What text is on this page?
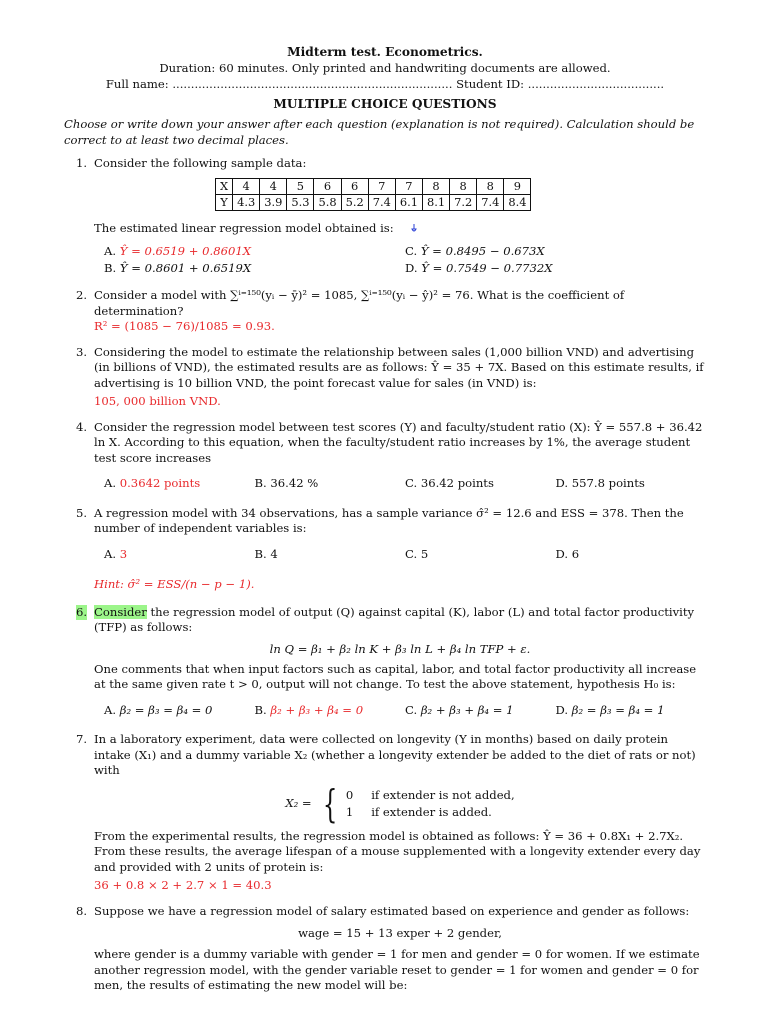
Midterm test. Econometrics.
Duration: 60 minutes. Only printed and handwriting documents are allowed.
Full name: ............................................................................ Student ID: .....................................
MULTIPLE CHOICE QUESTIONS
Choose or write down your answer after each question (explanation is not required). Calculation should be correct to at least two decimal places.
1. Consider the following sample data:
X	4	4	5	6	6	7	7	8	8	8	9
Y	4.3	3.9	5.3	5.8	5.2	7.4	6.1	8.1	7.2	7.4	8.4
The estimated linear regression model obtained is:
A. Ŷ = 0.6519 + 0.8601X	C. Ŷ = 0.8495 − 0.673X
B. Ŷ = 0.8601 + 0.6519X	D. Ŷ = 0.7549 − 0.7732X
2. Consider a model with ∑ⁱ⁼¹⁵⁰(yᵢ − ȳ)² = 1085, ∑ⁱ⁼¹⁵⁰(yᵢ − ŷ)² = 76. What is the coefficient of determination?
R² = (1085 − 76)/1085 = 0.93.
3. Considering the model to estimate the relationship between sales (1,000 billion VND) and advertising (in billions of VND), the estimated results are as follows: Ŷ = 35 + 7X. Based on this estimate results, if advertising is 10 billion VND, the point forecast value for sales (in VND) is:
105, 000 billion VND.
4. Consider the regression model between test scores (Y) and faculty/student ratio (X): Ŷ = 557.8 + 36.42 ln X. According to this equation, when the faculty/student ratio increases by 1%, the average student test score increases
A. 0.3642 points	B. 36.42 %	C. 36.42 points	D. 557.8 points
5. A regression model with 34 observations, has a sample variance σ̂² = 12.6 and ESS = 378. Then the number of independent variables is:
A. 3	B. 4	C. 5	D. 6
Hint: σ̂² = ESS/(n − p − 1).
6. Consider the regression model of output (Q) against capital (K), labor (L) and total factor productivity (TFP) as follows:
ln Q = β₁ + β₂ ln K + β₃ ln L + β₄ ln TFP + ε.
One comments that when input factors such as capital, labor, and total factor productivity all increase at the same given rate t > 0, output will not change. To test the above statement, hypothesis H₀ is:
A. β₂ = β₃ = β₄ = 0	B. β₂ + β₃ + β₄ = 0	C. β₂ + β₃ + β₄ = 1	D. β₂ = β₃ = β₄ = 1
7. In a laboratory experiment, data were collected on longevity (Y in months) based on daily protein intake (X₁) and a dummy variable X₂ (whether a longevity extender be added to the diet of rats or not) with
X₂ = { 0 if extender is not added,
1 if extender is added.
From the experimental results, the regression model is obtained as follows: Ŷ = 36 + 0.8X₁ + 2.7X₂. From these results, the average lifespan of a mouse supplemented with a longevity extender every day and provided with 2 units of protein is:
36 + 0.8 × 2 + 2.7 × 1 = 40.3
8. Suppose we have a regression model of salary estimated based on experience and gender as follows:
wage = 15 + 13 exper + 2 gender,
where gender is a dummy variable with gender = 1 for men and gender = 0 for women. If we estimate another regression model, with the gender variable reset to gender = 1 for women and gender = 0 for men, the results of estimating the new model will be:
